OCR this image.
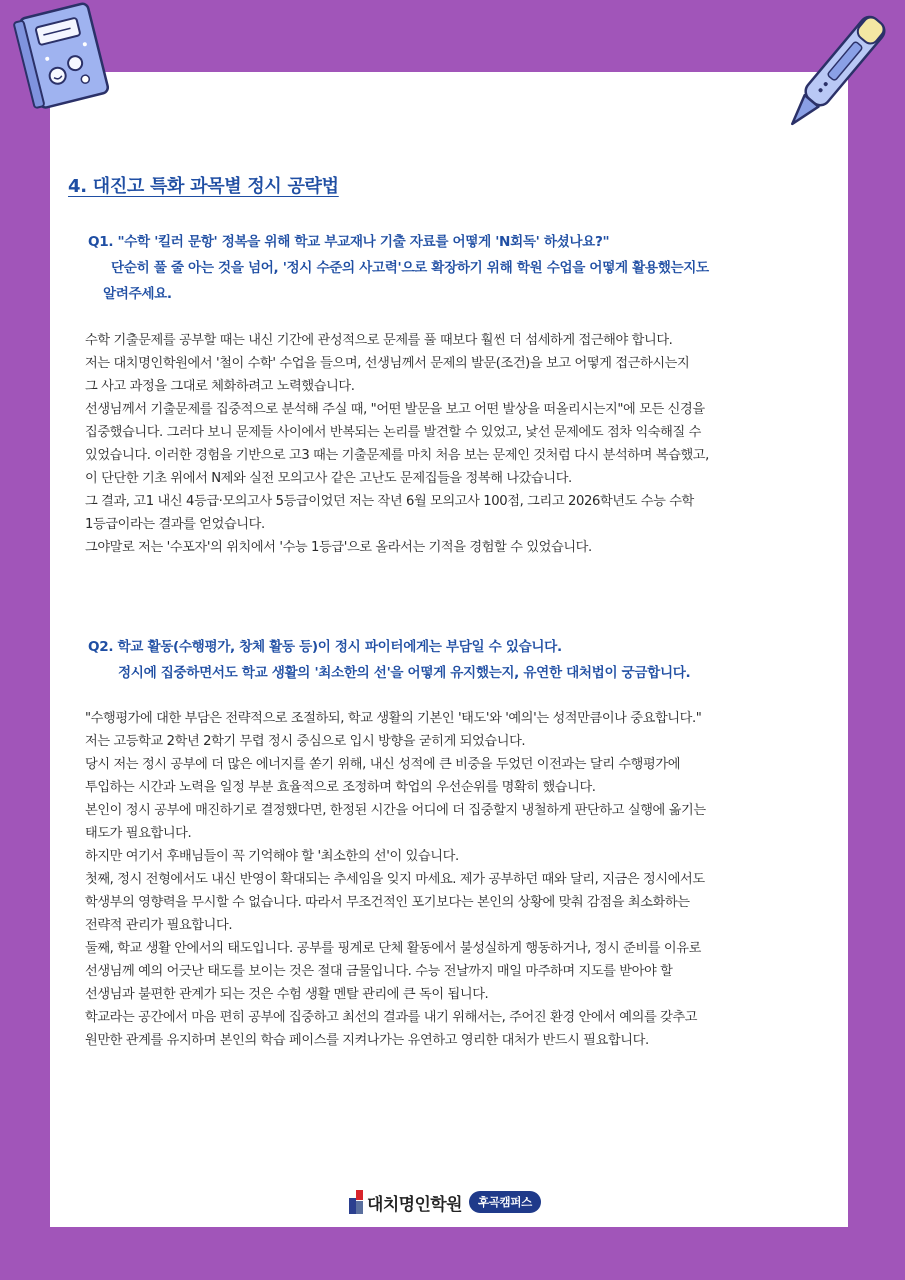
4. 대진고 특화 과목별 정시 공략법
Q1. "수학 '킬러 문항' 정복을 위해 학교 부교재나 기출 자료를 어떻게 'N회독' 하셨나요?"
단순히 풀 줄 아는 것을 넘어, '정시 수준의 사고력'으로 확장하기 위해 학원 수업을 어떻게 활용했는지도
알려주세요.
수학 기출문제를 공부할 때는 내신 기간에 관성적으로 문제를 풀 때보다 훨씬 더 섬세하게 접근해야 합니다.
저는 대치명인학원에서 '철이 수학' 수업을 들으며, 선생님께서 문제의 발문(조건)을 보고 어떻게 접근하시는지
그 사고 과정을 그대로 체화하려고 노력했습니다.
선생님께서 기출문제를 집중적으로 분석해 주실 때, "어떤 발문을 보고 어떤 발상을 떠올리시는지"에 모든 신경을
집중했습니다. 그러다 보니 문제들 사이에서 반복되는 논리를 발견할 수 있었고, 낯선 문제에도 점차 익숙해질 수
있었습니다. 이러한 경험을 기반으로 고3 때는 기출문제를 마치 처음 보는 문제인 것처럼 다시 분석하며 복습했고,
이 단단한 기초 위에서 N제와 실전 모의고사 같은 고난도 문제집들을 정복해 나갔습니다.
그 결과, 고1 내신 4등급·모의고사 5등급이었던 저는 작년 6월 모의고사 100점, 그리고 2026학년도 수능 수학
1등급이라는 결과를 얻었습니다.
그야말로 저는 '수포자'의 위치에서 '수능 1등급'으로 올라서는 기적을 경험할 수 있었습니다.
Q2. 학교 활동(수행평가, 창체 활동 등)이 정시 파이터에게는 부담일 수 있습니다.
정시에 집중하면서도 학교 생활의 '최소한의 선'을 어떻게 유지했는지, 유연한 대처법이 궁금합니다.
"수행평가에 대한 부담은 전략적으로 조절하되, 학교 생활의 기본인 '태도'와 '예의'는 성적만큼이나 중요합니다."
저는 고등학교 2학년 2학기 무렵 정시 중심으로 입시 방향을 굳히게 되었습니다.
당시 저는 정시 공부에 더 많은 에너지를 쏟기 위해, 내신 성적에 큰 비중을 두었던 이전과는 달리 수행평가에
투입하는 시간과 노력을 일정 부분 효율적으로 조정하며 학업의 우선순위를 명확히 했습니다.
본인이 정시 공부에 매진하기로 결정했다면, 한정된 시간을 어디에 더 집중할지 냉철하게 판단하고 실행에 옮기는
태도가 필요합니다.
하지만 여기서 후배님들이 꼭 기억해야 할 '최소한의 선'이 있습니다.
첫째, 정시 전형에서도 내신 반영이 확대되는 추세임을 잊지 마세요. 제가 공부하던 때와 달리, 지금은 정시에서도
학생부의 영향력을 무시할 수 없습니다. 따라서 무조건적인 포기보다는 본인의 상황에 맞춰 감점을 최소화하는
전략적 관리가 필요합니다.
둘째, 학교 생활 안에서의 태도입니다. 공부를 핑계로 단체 활동에서 불성실하게 행동하거나, 정시 준비를 이유로
선생님께 예의 어긋난 태도를 보이는 것은 절대 금물입니다. 수능 전날까지 매일 마주하며 지도를 받아야 할
선생님과 불편한 관계가 되는 것은 수험 생활 멘탈 관리에 큰 독이 됩니다.
학교라는 공간에서 마음 편히 공부에 집중하고 최선의 결과를 내기 위해서는, 주어진 환경 안에서 예의를 갖추고
원만한 관계를 유지하며 본인의 학습 페이스를 지켜나가는 유연하고 영리한 대처가 반드시 필요합니다.
대치명인학원	후곡캠퍼스
